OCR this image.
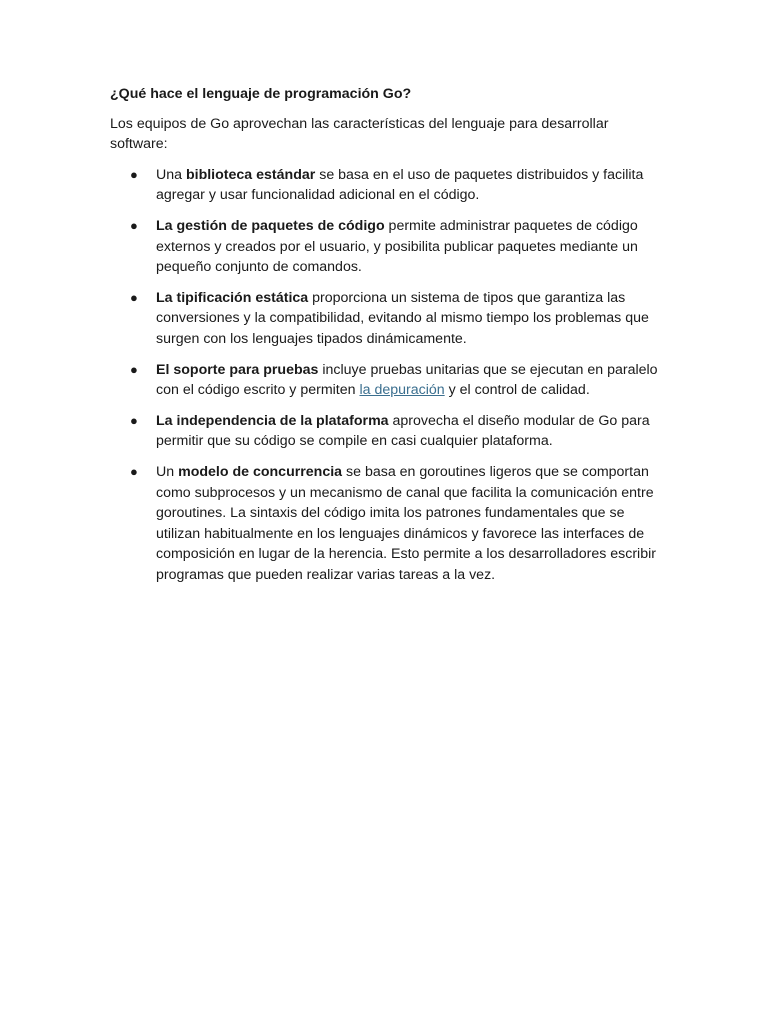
¿Qué hace el lenguaje de programación Go?

Los equipos de Go aprovechan las características del lenguaje para desarrollar software:

● Una biblioteca estándar se basa en el uso de paquetes distribuidos y facilita agregar y usar funcionalidad adicional en el código.
● La gestión de paquetes de código permite administrar paquetes de código externos y creados por el usuario, y posibilita publicar paquetes mediante un pequeño conjunto de comandos.
● La tipificación estática proporciona un sistema de tipos que garantiza las conversiones y la compatibilidad, evitando al mismo tiempo los problemas que surgen con los lenguajes tipados dinámicamente.
● El soporte para pruebas incluye pruebas unitarias que se ejecutan en paralelo con el código escrito y permiten la depuración y el control de calidad.
● La independencia de la plataforma aprovecha el diseño modular de Go para permitir que su código se compile en casi cualquier plataforma.
● Un modelo de concurrencia se basa en goroutines ligeros que se comportan como subprocesos y un mecanismo de canal que facilita la comunicación entre goroutines. La sintaxis del código imita los patrones fundamentales que se utilizan habitualmente en los lenguajes dinámicos y favorece las interfaces de composición en lugar de la herencia. Esto permite a los desarrolladores escribir programas que pueden realizar varias tareas a la vez.
